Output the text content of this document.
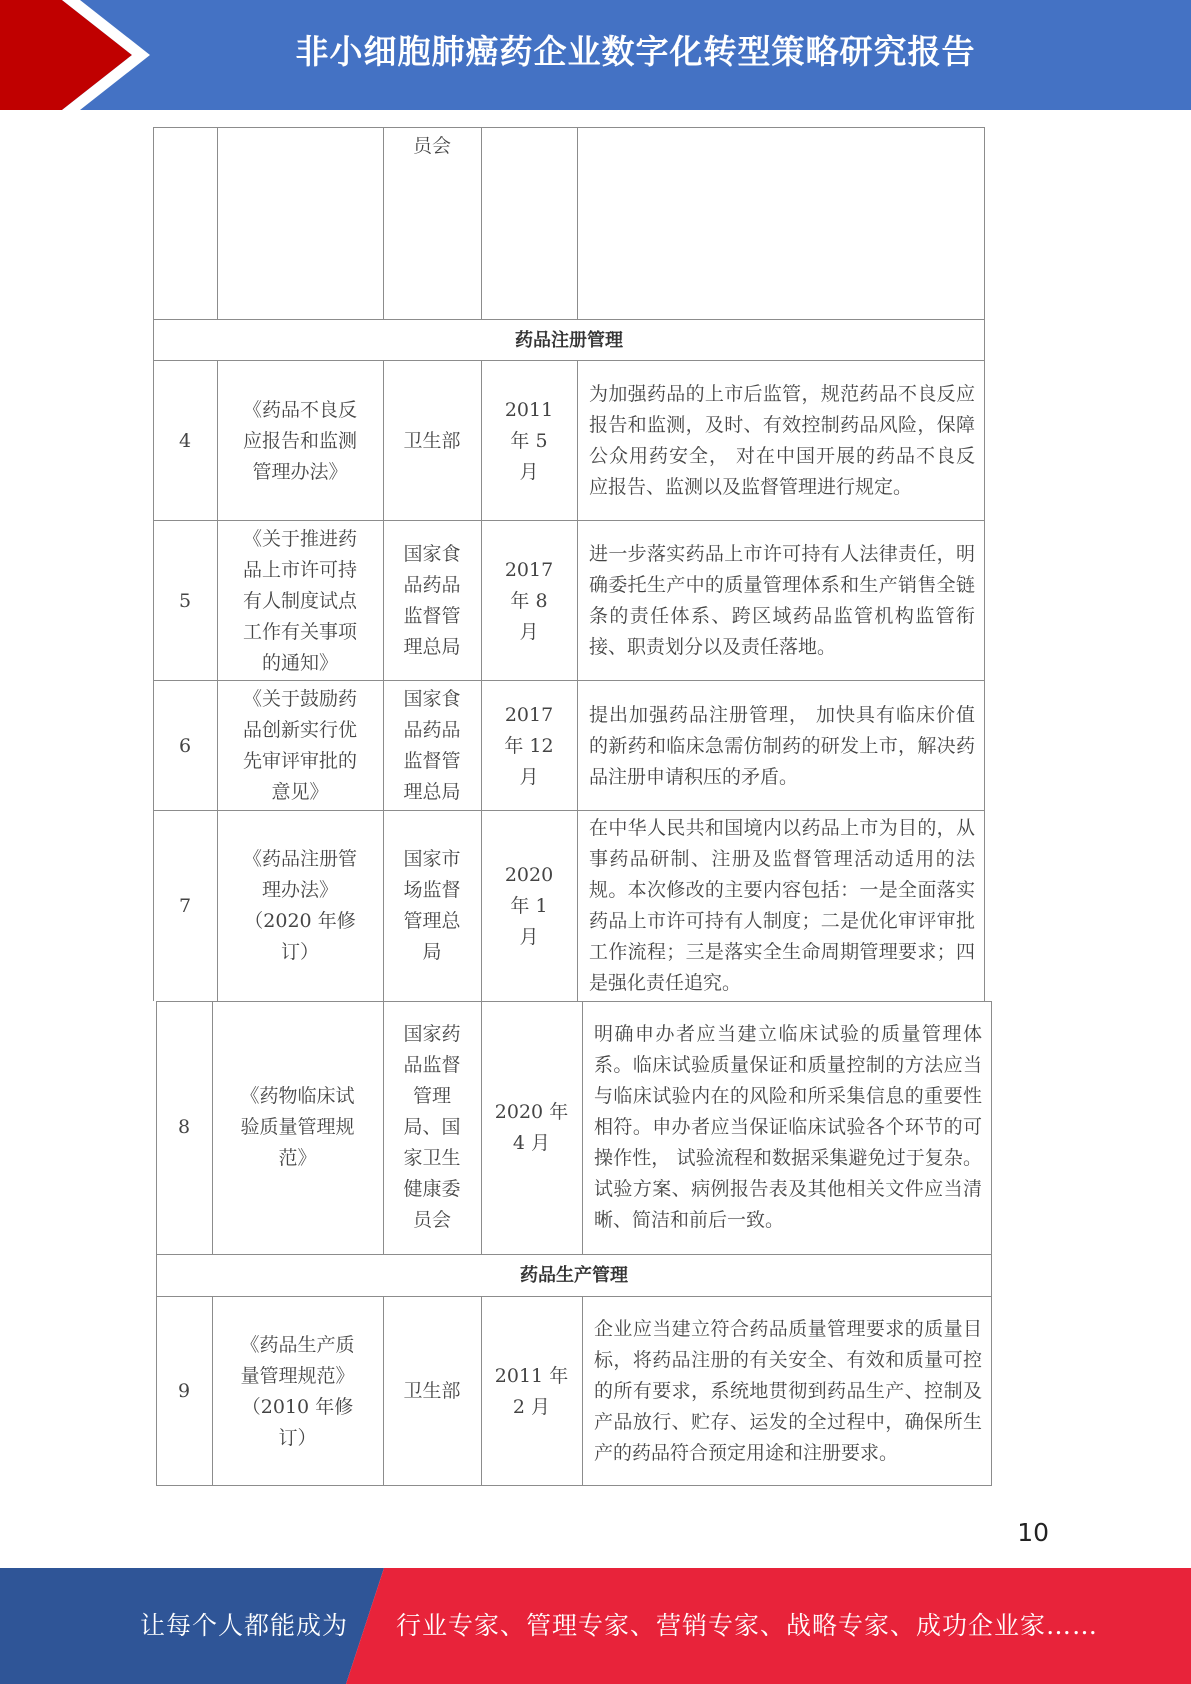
非小细胞肺癌药企业数字化转型策略研究报告
员会
药品注册管理
4
《药品不良反应报告和监测管理办法》
卫生部
2011 年 5 月
为加强药品的上市后监管，规范药品不良反应报告和监测，及时、有效控制药品风险，保障公众用药安全， 对在中国开展的药品不良反应报告、监测以及监督管理进行规定。
5
《关于推进药品上市许可持有人制度试点工作有关事项的通知》
国家食品药品监督管理总局
2017 年 8 月
进一步落实药品上市许可持有人法律责任，明确委托生产中的质量管理体系和生产销售全链条的责任体系、跨区域药品监管机构监管衔接、职责划分以及责任落地。
6
《关于鼓励药品创新实行优先审评审批的意见》
国家食品药品监督管理总局
2017 年 12 月
提出加强药品注册管理， 加快具有临床价值的新药和临床急需仿制药的研发上市，解决药品注册申请积压的矛盾。
7
《药品注册管理办法》（2020 年修 订）
国家市场监督管理总局
2020 年 1 月
在中华人民共和国境内以药品上市为目的，从事药品研制、注册及监督管理活动适用的法规。本次修改的主要内容包括：一是全面落实药品上市许可持有人制度；二是优化审评审批工作流程；三是落实全生命周期管理要求；四是强化责任追究。
8
《药物临床试验质量管理规范》
国家药品监督管理局、国家卫生健康委员会
2020 年 4 月
明确申办者应当建立临床试验的质量管理体系。临床试验质量保证和质量控制的方法应当与临床试验内在的风险和所采集信息的重要性相符。申办者应当保证临床试验各个环节的可操作性， 试验流程和数据采集避免过于复杂。试验方案、病例报告表及其他相关文件应当清晰、简洁和前后一致。
药品生产管理
9
《药品生产质量管理规范》（2010 年修 订）
卫生部
2011 年 2 月
企业应当建立符合药品质量管理要求的质量目标，将药品注册的有关安全、有效和质量可控的所有要求，系统地贯彻到药品生产、控制及产品放行、贮存、运发的全过程中，确保所生产的药品符合预定用途和注册要求。
10
让每个人都能成为 行业专家、管理专家、营销专家、战略专家、成功企业家……
